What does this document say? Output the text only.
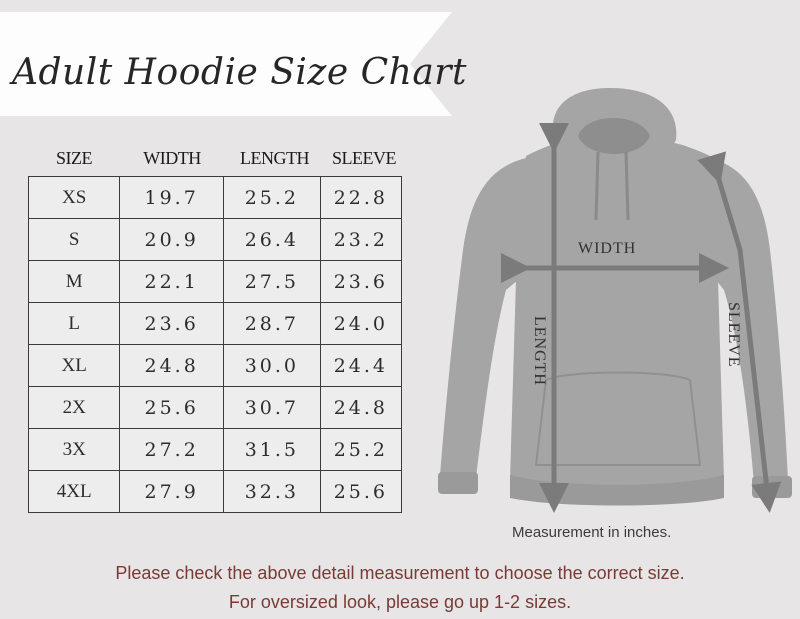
Adult Hoodie Size Chart
SIZE	WIDTH	LENGTH	SLEEVE
XS	19.7	25.2	22.8
S	20.9	26.4	23.2
M	22.1	27.5	23.6
L	23.6	28.7	24.0
XL	24.8	30.0	24.4
2X	25.6	30.7	24.8
3X	27.2	31.5	25.2
4XL	27.9	32.3	25.6
WIDTH
LENGTH	SLEEVE
Measurement in inches.
Please check the above detail measurement to choose the correct size.
For oversized look, please go up 1-2 sizes.
